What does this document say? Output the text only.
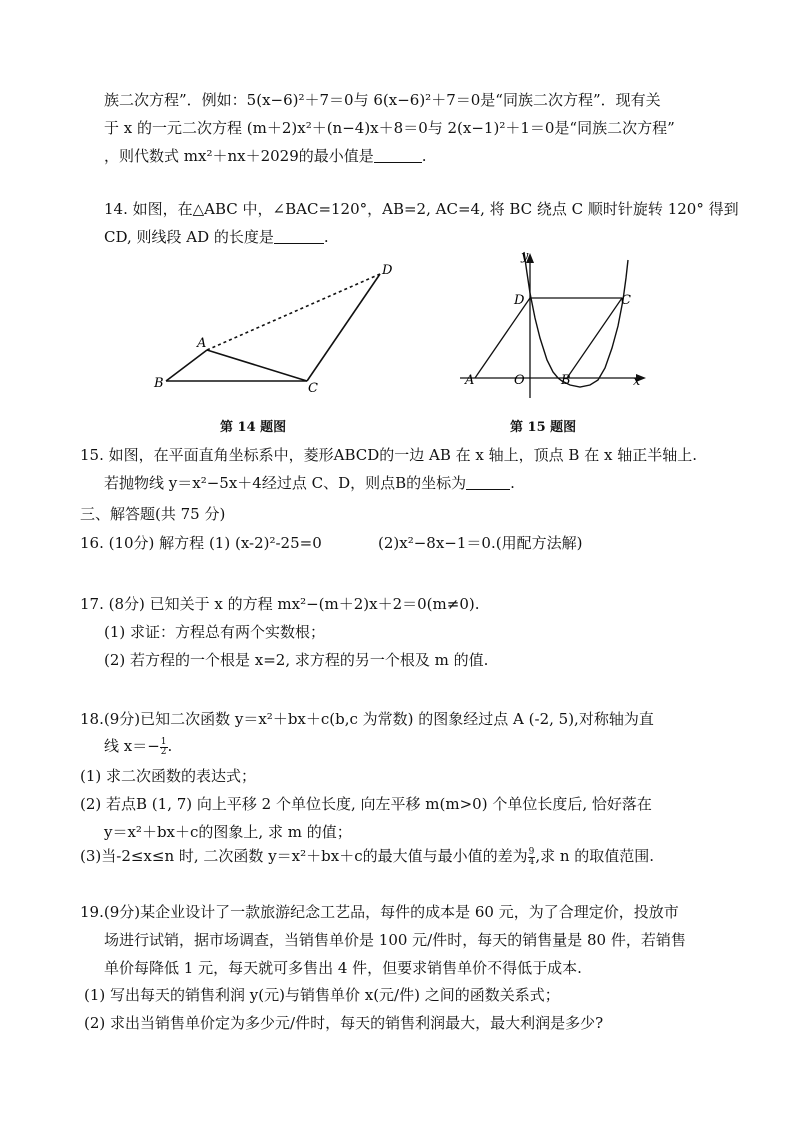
族二次方程”．例如：5(x−6)²＋7＝0与 6(x−6)²＋7＝0是“同族二次方程”．现有关
于 x 的一元二次方程 (m＋2)x²＋(n−4)x＋8＝0与 2(x−1)²＋1＝0是“同族二次方程”
，则代数式 mx²＋nx＋2029的最小值是	.
14. 如图，在△ABC 中，∠BAC=120°，AB=2, AC=4, 将 BC 绕点 C 顺时针旋转 120° 得到
CD, 则线段 AD 的长度是	.
A
B	C
D
第 14 题图
y
D	C
A	O	B	x
第 15 题图
15. 如图，在平面直角坐标系中，菱形ABCD的一边 AB 在 x 轴上，顶点 B 在 x 轴正半轴上.
若抛物线 y＝x²−5x＋4经过点 C、D，则点B的坐标为	.
三、解答题(共 75 分)
16. (10分) 解方程 (1) (x-2)²-25=0	(2)x²−8x−1＝0.(用配方法解)
17. (8分) 已知关于 x 的方程 mx²−(m＋2)x＋2＝0(m≠0).
(1) 求证：方程总有两个实数根；
(2) 若方程的一个根是 x=2, 求方程的另一个根及 m 的值.
18.(9分)已知二次函数 y＝x²＋bx＋c(b,c 为常数) 的图象经过点 A (-2, 5),对称轴为直
线 $x=- \frac{1}{2}$ .
(1) 求二次函数的表达式；
(2) 若点B (1, 7) 向上平移 2 个单位长度, 向左平移 m(m>0) 个单位长度后, 恰好落在
y＝x²＋bx＋c的图象上, 求 m 的值；
(3)当-2≤x≤n 时, 二次函数 y＝x²＋bx＋c的最大值与最小值的差为 $\frac{9}{4}$ ,求 n 的取值范围.
19.(9分)某企业设计了一款旅游纪念工艺品，每件的成本是 60 元，为了合理定价，投放市
场进行试销，据市场调查，当销售单价是 100 元/件时，每天的销售量是 80 件，若销售
单价每降低 1 元，每天就可多售出 4 件，但要求销售单价不得低于成本.
(1) 写出每天的销售利润 y(元)与销售单价 x(元/件) 之间的函数关系式；
(2) 求出当销售单价定为多少元/件时，每天的销售利润最大，最大利润是多少?
